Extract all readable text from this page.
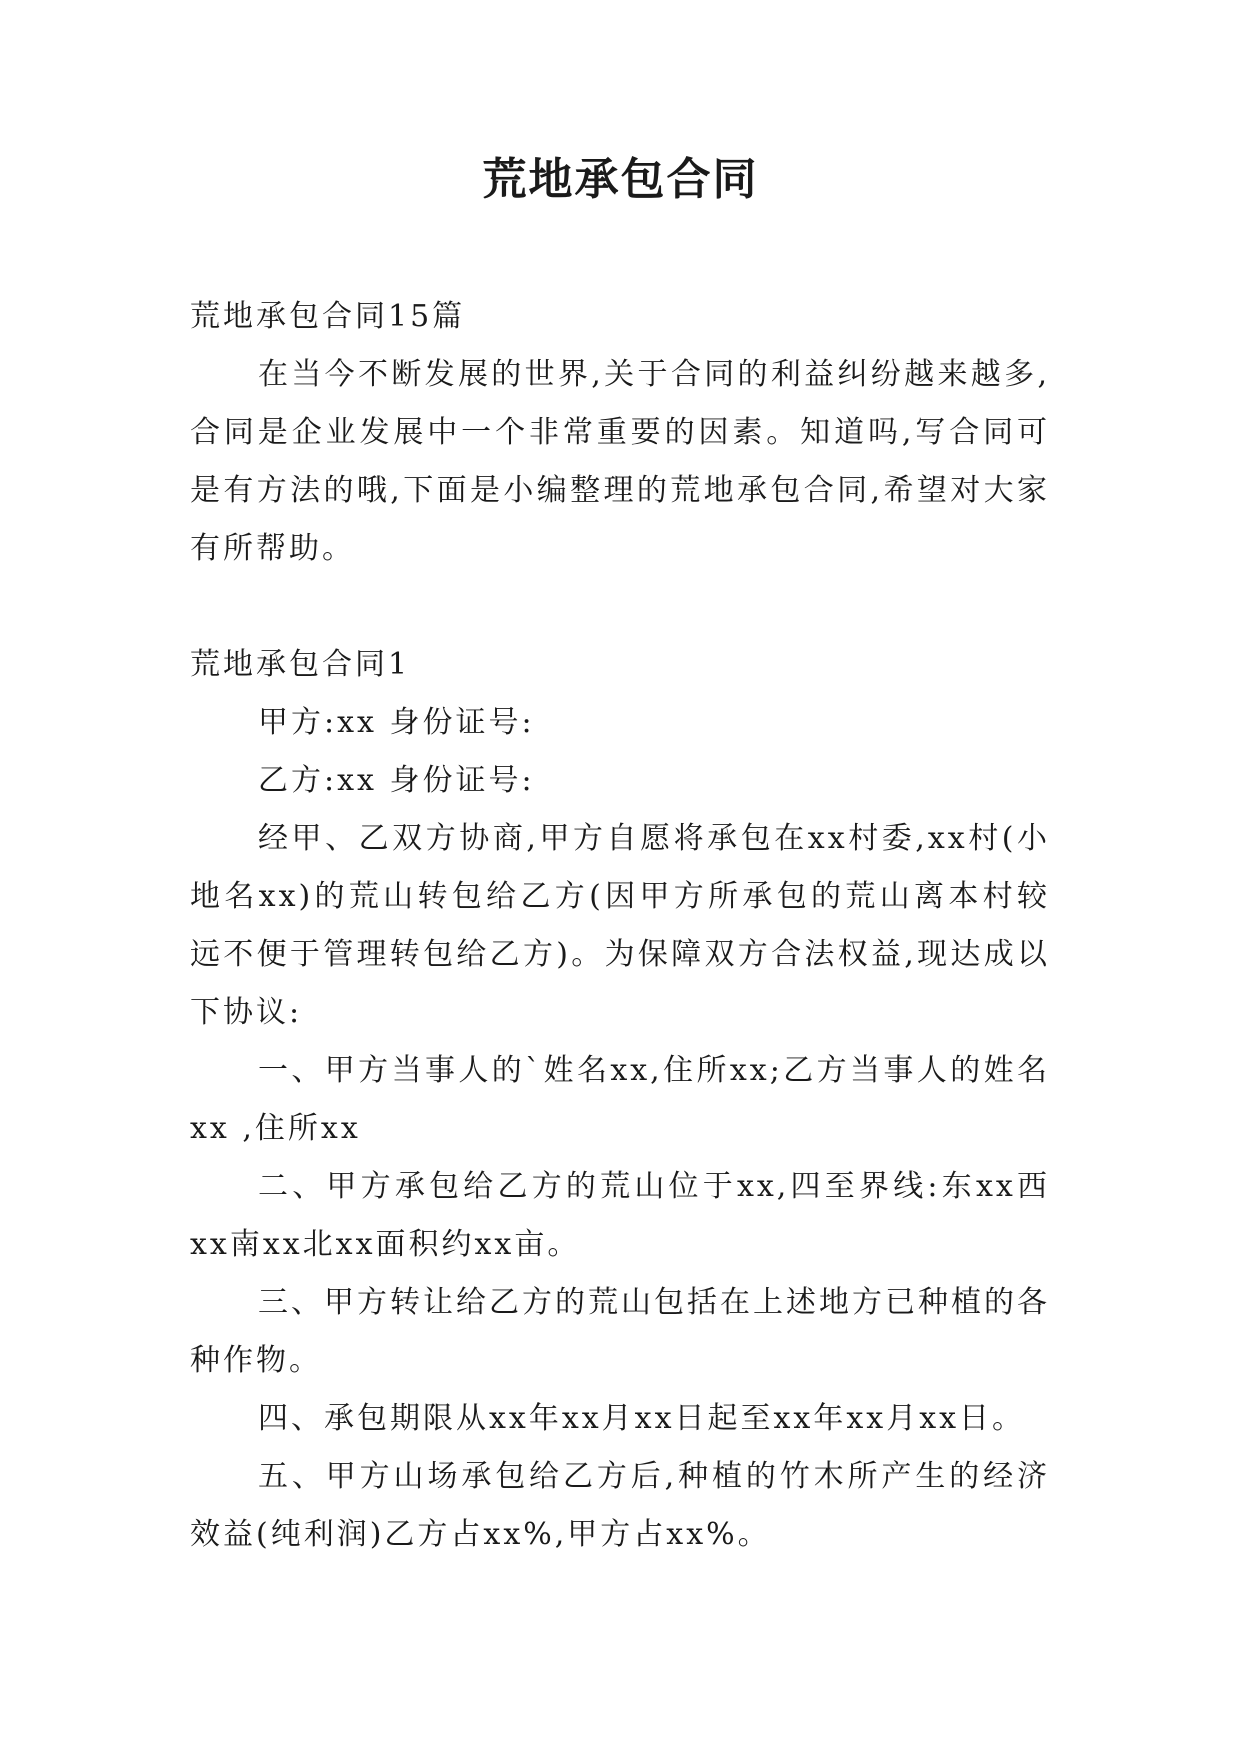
荒地承包合同

荒地承包合同15篇

在当今不断发展的世界,关于合同的利益纠纷越来越多,合同是企业发展中一个非常重要的因素。知道吗,写合同可是有方法的哦,下面是小编整理的荒地承包合同,希望对大家有所帮助。

荒地承包合同1

甲方:xx 身份证号:

乙方:xx 身份证号:

经甲、乙双方协商,甲方自愿将承包在xx村委,xx村(小地名xx)的荒山转包给乙方(因甲方所承包的荒山离本村较远不便于管理转包给乙方)。为保障双方合法权益,现达成以下协议:

一、甲方当事人的`姓名xx,住所xx;乙方当事人的姓名 xx ,住所xx

二、甲方承包给乙方的荒山位于xx,四至界线:东xx西xx南xx北xx面积约xx亩。

三、甲方转让给乙方的荒山包括在上述地方已种植的各种作物。

四、承包期限从xx年xx月xx日起至xx年xx月xx日。

五、甲方山场承包给乙方后,种植的竹木所产生的经济效益(纯利润)乙方占xx%,甲方占xx%。
